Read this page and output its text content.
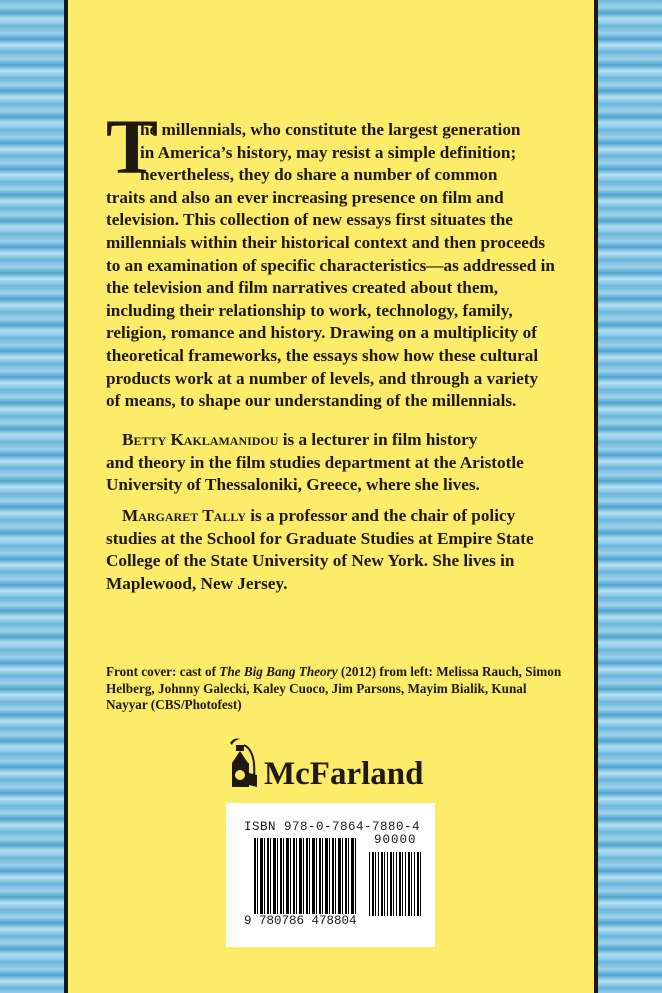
T
he millennials, who constitute the largest generation
in America’s history, may resist a simple definition;
nevertheless, they do share a number of common
traits and also an ever increasing presence on film and
television. This collection of new essays first situates the
millennials within their historical context and then proceeds
to an examination of specific characteristics—as addressed in
the television and film narratives created about them,
including their relationship to work, technology, family,
religion, romance and history. Drawing on a multiplicity of
theoretical frameworks, the essays show how these cultural
products work at a number of levels, and through a variety
of means, to shape our understanding of the millennials.
Betty Kaklamanidou is a lecturer in film history
and theory in the film studies department at the Aristotle
University of Thessaloniki, Greece, where she lives.
Margaret Tally is a professor and the chair of policy
studies at the School for Graduate Studies at Empire State
College of the State University of New York. She lives in
Maplewood, New Jersey.
Front cover: cast of The Big Bang Theory (2012) from left: Melissa Rauch, Simon
Helberg, Johnny Galecki, Kaley Cuoco, Jim Parsons, Mayim Bialik, Kunal
Nayyar (CBS/Photofest)
McFarland
ISBN 978-0-7864-7880-4
90000
9 780786 478804
